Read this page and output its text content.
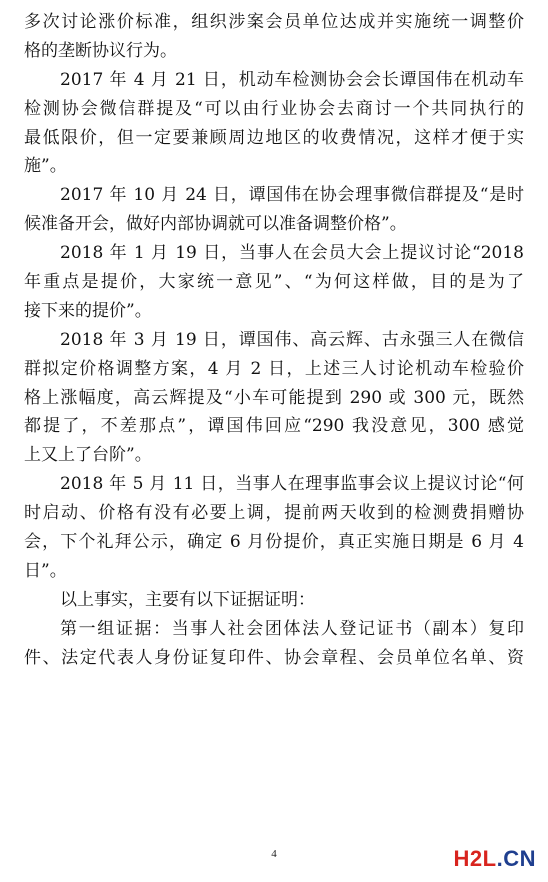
多次讨论涨价标准，组织涉案会员单位达成并实施统一调整价
格的垄断协议行为。
2017 年 4 月 21 日，机动车检测协会会长谭国伟在机动车
检测协会微信群提及“可以由行业协会去商讨一个共同执行的
最低限价，但一定要兼顾周边地区的收费情况，这样才便于实
施”。
2017 年 10 月 24 日，谭国伟在协会理事微信群提及“是时
候准备开会，做好内部协调就可以准备调整价格”。
2018 年 1 月 19 日，当事人在会员大会上提议讨论“2018
年重点是提价，大家统一意见”、“为何这样做，目的是为了
接下来的提价”。
2018 年 3 月 19 日，谭国伟、高云辉、古永强三人在微信
群拟定价格调整方案，4 月 2 日，上述三人讨论机动车检验价
格上涨幅度，高云辉提及“小车可能提到 290 或 300 元，既然
都提了，不差那点”，谭国伟回应“290 我没意见，300 感觉
上又上了台阶”。
2018 年 5 月 11 日，当事人在理事监事会议上提议讨论“何
时启动、价格有没有必要上调，提前两天收到的检测费捐赠协
会，下个礼拜公示，确定 6 月份提价，真正实施日期是 6 月 4
日”。
以上事实，主要有以下证据证明：
第一组证据：当事人社会团体法人登记证书（副本）复印
件、法定代表人身份证复印件、协会章程、会员单位名单、资
4	H2L.CN
